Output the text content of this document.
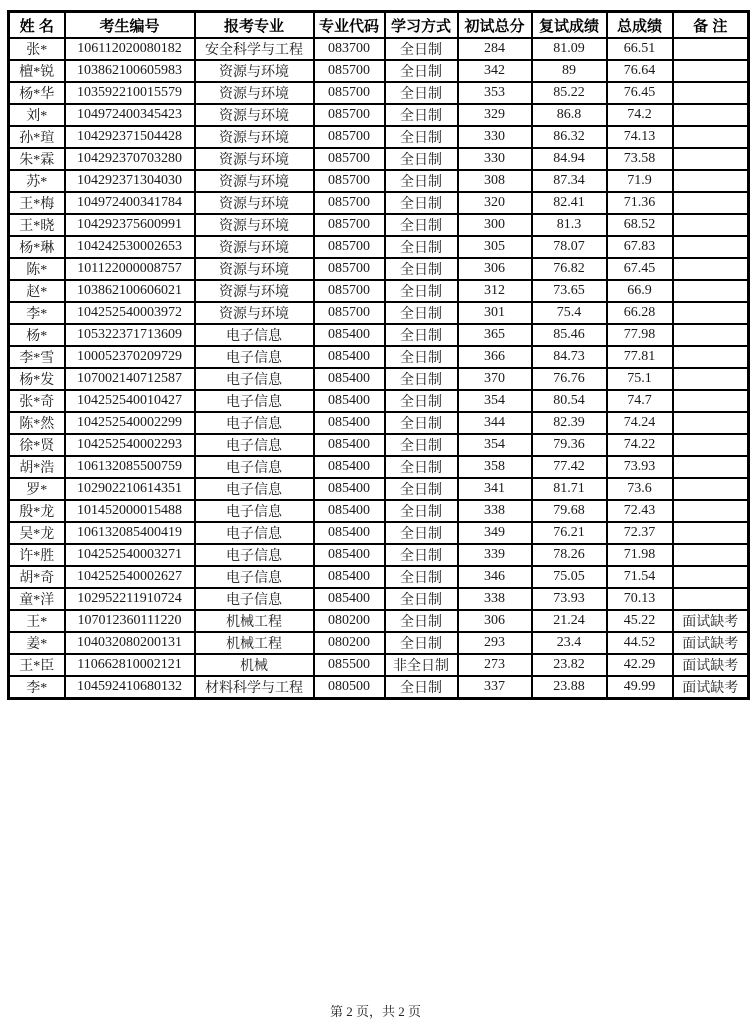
姓 名	考生编号	报考专业	专业代码	学习方式	初试总分	复试成绩	总成绩	备 注
张*	106112020080182	安全科学与工程	083700	全日制	284	81.09	66.51	
檀*锐	103862100605983	资源与环境	085700	全日制	342	89	76.64	
杨*华	103592210015579	资源与环境	085700	全日制	353	85.22	76.45	
刘*	104972400345423	资源与环境	085700	全日制	329	86.8	74.2	
孙*瑄	104292371504428	资源与环境	085700	全日制	330	86.32	74.13	
朱*霖	104292370703280	资源与环境	085700	全日制	330	84.94	73.58	
苏*	104292371304030	资源与环境	085700	全日制	308	87.34	71.9	
王*梅	104972400341784	资源与环境	085700	全日制	320	82.41	71.36	
王*晓	104292375600991	资源与环境	085700	全日制	300	81.3	68.52	
杨*琳	104242530002653	资源与环境	085700	全日制	305	78.07	67.83	
陈*	101122000008757	资源与环境	085700	全日制	306	76.82	67.45	
赵*	103862100606021	资源与环境	085700	全日制	312	73.65	66.9	
李*	104252540003972	资源与环境	085700	全日制	301	75.4	66.28	
杨*	105322371713609	电子信息	085400	全日制	365	85.46	77.98	
李*雪	100052370209729	电子信息	085400	全日制	366	84.73	77.81	
杨*发	107002140712587	电子信息	085400	全日制	370	76.76	75.1	
张*奇	104252540010427	电子信息	085400	全日制	354	80.54	74.7	
陈*然	104252540002299	电子信息	085400	全日制	344	82.39	74.24	
徐*贤	104252540002293	电子信息	085400	全日制	354	79.36	74.22	
胡*浩	106132085500759	电子信息	085400	全日制	358	77.42	73.93	
罗*	102902210614351	电子信息	085400	全日制	341	81.71	73.6	
殷*龙	101452000015488	电子信息	085400	全日制	338	79.68	72.43	
吴*龙	106132085400419	电子信息	085400	全日制	349	76.21	72.37	
许*胜	104252540003271	电子信息	085400	全日制	339	78.26	71.98	
胡*奇	104252540002627	电子信息	085400	全日制	346	75.05	71.54	
童*洋	102952211910724	电子信息	085400	全日制	338	73.93	70.13	
王*	107012360111220	机械工程	080200	全日制	306	21.24	45.22	面试缺考
姜*	104032080200131	机械工程	080200	全日制	293	23.4	44.52	面试缺考
王*臣	110662810002121	机械	085500	非全日制	273	23.82	42.29	面试缺考
李*	104592410680132	材料科学与工程	080500	全日制	337	23.88	49.99	面试缺考
第 2 页，共 2 页
